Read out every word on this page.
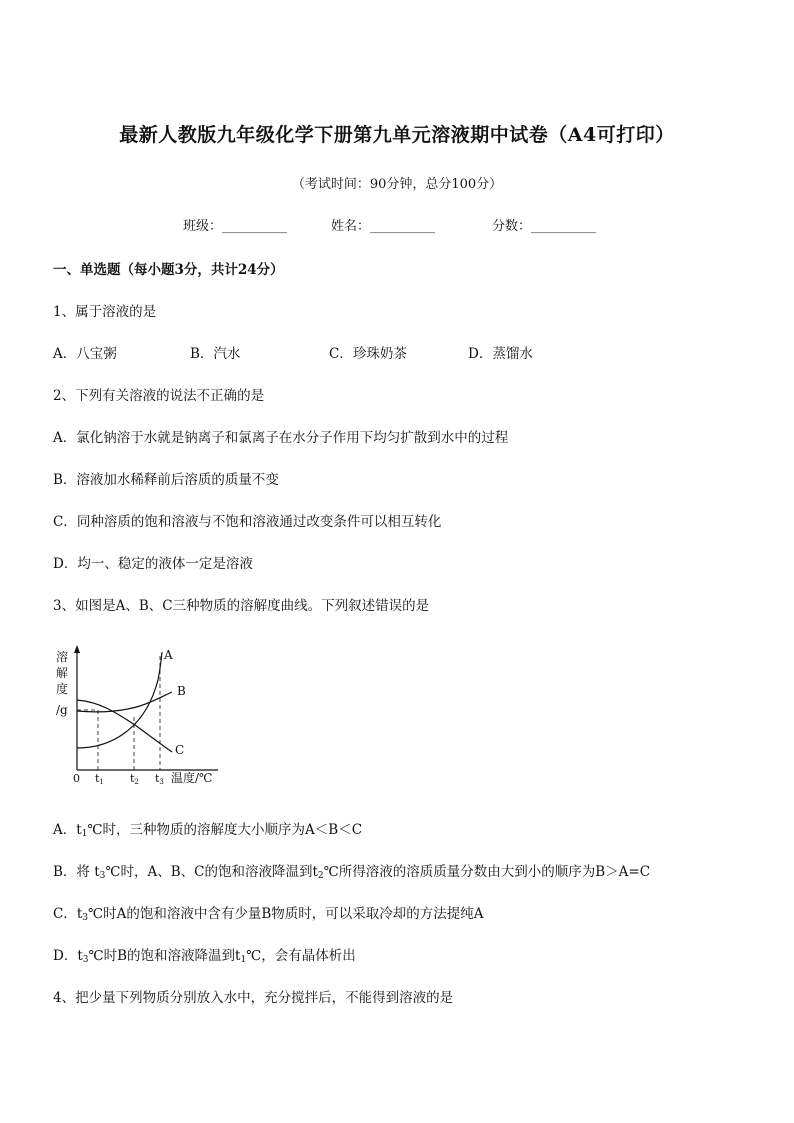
最新人教版九年级化学下册第九单元溶液期中试卷（A4可打印）
（考试时间：90分钟，总分100分）
班级：__________	姓名：__________	分数：__________
一、单选题（每小题3分，共计24分）
1、属于溶液的是
A．八宝粥	B．汽水	C．珍珠奶茶	D．蒸馏水
2、下列有关溶液的说法不正确的是
A．氯化钠溶于水就是钠离子和氯离子在水分子作用下均匀扩散到水中的过程
B．溶液加水稀释前后溶质的质量不变
C．同种溶质的饱和溶液与不饱和溶液通过改变条件可以相互转化
D．均一、稳定的液体一定是溶液
3、如图是A、B、C三种物质的溶解度曲线。下列叙述错误的是
溶
解
度
/g
A
B
C
0 t1 t2 t3 温度/℃
A．$t_1℃$时，三种物质的溶解度大小顺序为A＜B＜C
B．将 $t_3℃$时，A、B、C的饱和溶液降温到$t_2℃$所得溶液的溶质质量分数由大到小的顺序为B＞A=C
C．$t_3℃$时A的饱和溶液中含有少量B物质时，可以采取冷却的方法提纯A
D．$t_3℃$时B的饱和溶液降温到$t_1℃$，会有晶体析出
4、把少量下列物质分别放入水中，充分搅拌后，不能得到溶液的是
